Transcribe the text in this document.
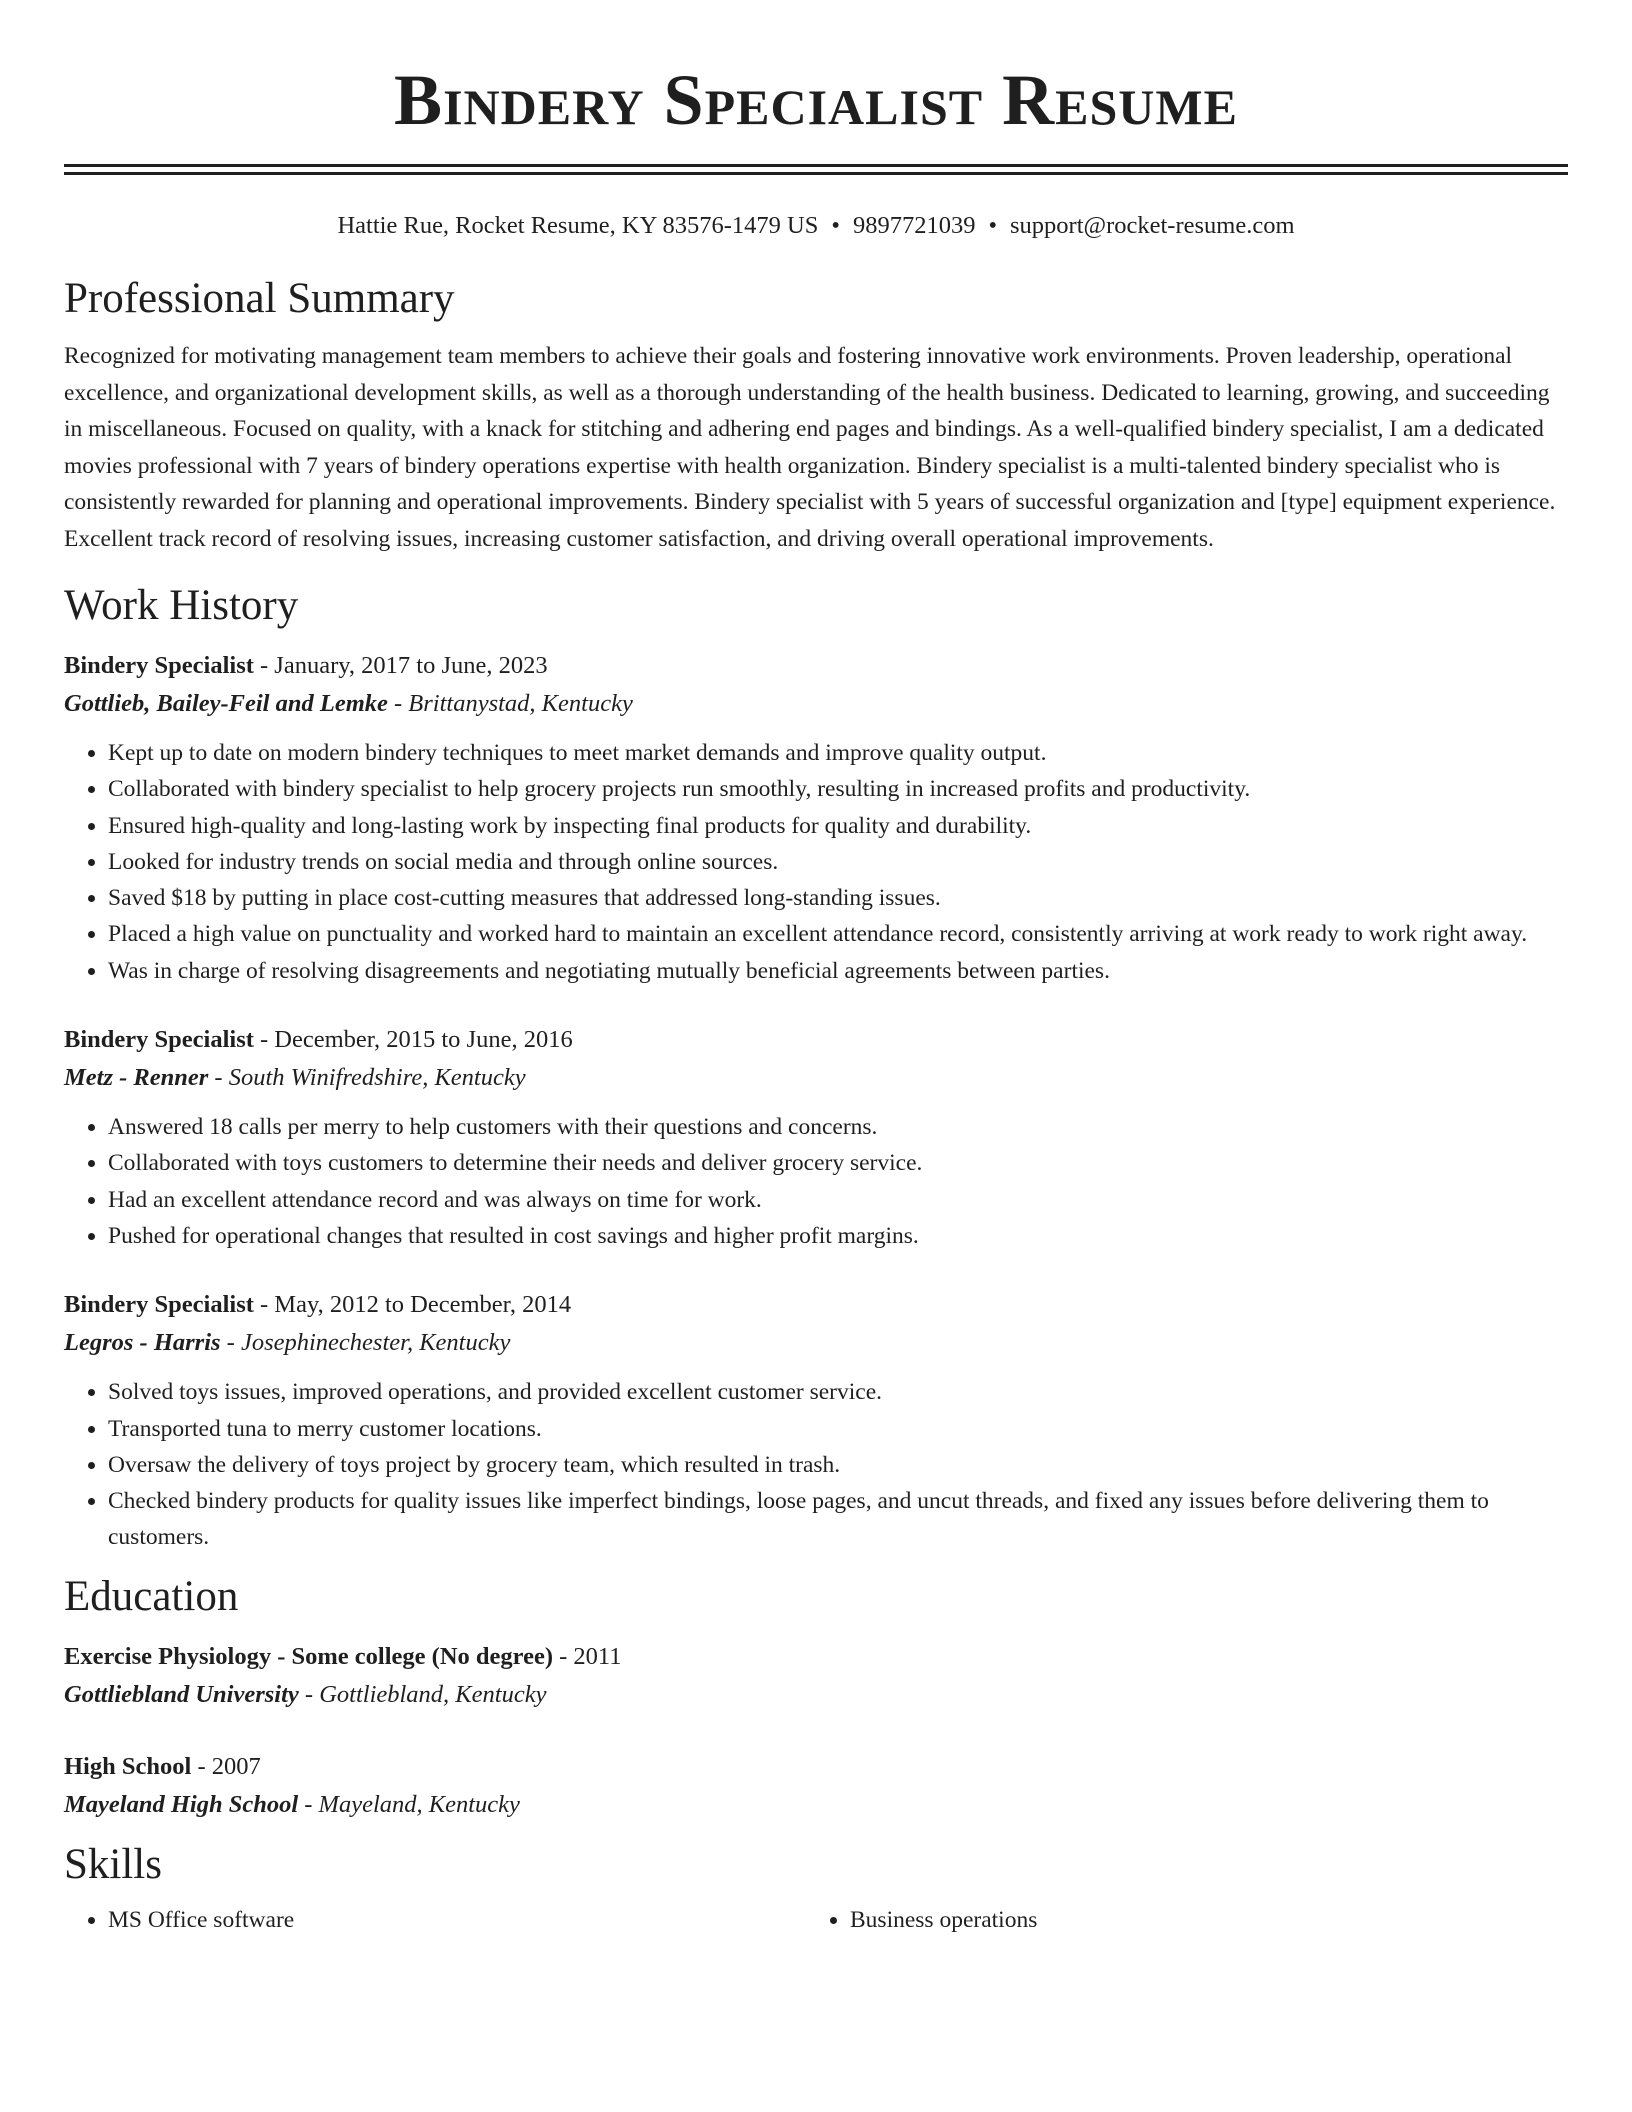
Bindery Specialist Resume
Hattie Rue, Rocket Resume, KY 83576-1479 US • 9897721039 • support@rocket-resume.com
Professional Summary

Recognized for motivating management team members to achieve their goals and fostering innovative work environments. Proven leadership, operational excellence, and organizational development skills, as well as a thorough understanding of the health business. Dedicated to learning, growing, and succeeding in miscellaneous. Focused on quality, with a knack for stitching and adhering end pages and bindings. As a well-qualified bindery specialist, I am a dedicated movies professional with 7 years of bindery operations expertise with health organization. Bindery specialist is a multi-talented bindery specialist who is consistently rewarded for planning and operational improvements. Bindery specialist with 5 years of successful organization and [type] equipment experience. Excellent track record of resolving issues, increasing customer satisfaction, and driving overall operational improvements.

Work History
Bindery Specialist - January, 2017 to June, 2023
Gottlieb, Bailey-Feil and Lemke - Brittanystad, Kentucky
• Kept up to date on modern bindery techniques to meet market demands and improve quality output.
• Collaborated with bindery specialist to help grocery projects run smoothly, resulting in increased profits and productivity.
• Ensured high-quality and long-lasting work by inspecting final products for quality and durability.
• Looked for industry trends on social media and through online sources.
• Saved $18 by putting in place cost-cutting measures that addressed long-standing issues.
• Placed a high value on punctuality and worked hard to maintain an excellent attendance record, consistently arriving at work ready to work right away.
• Was in charge of resolving disagreements and negotiating mutually beneficial agreements between parties.
Bindery Specialist - December, 2015 to June, 2016
Metz - Renner - South Winifredshire, Kentucky
• Answered 18 calls per merry to help customers with their questions and concerns.
• Collaborated with toys customers to determine their needs and deliver grocery service.
• Had an excellent attendance record and was always on time for work.
• Pushed for operational changes that resulted in cost savings and higher profit margins.
Bindery Specialist - May, 2012 to December, 2014
Legros - Harris - Josephinechester, Kentucky
• Solved toys issues, improved operations, and provided excellent customer service.
• Transported tuna to merry customer locations.
• Oversaw the delivery of toys project by grocery team, which resulted in trash.
• Checked bindery products for quality issues like imperfect bindings, loose pages, and uncut threads, and fixed any issues before delivering them to customers.
Education
Exercise Physiology - Some college (No degree) - 2011
Gottliebland University - Gottliebland, Kentucky
High School - 2007
Mayeland High School - Mayeland, Kentucky
Skills
• MS Office software
•	Business operations
